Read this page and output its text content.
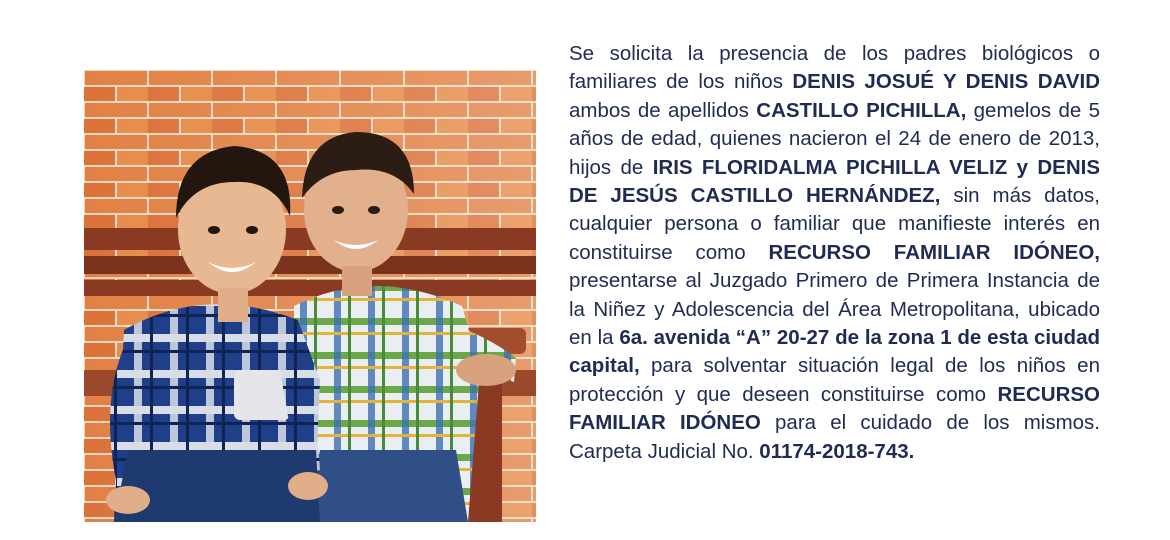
Se solicita la presencia de los padres biológicos o familiares de los niños DENIS JOSUÉ Y DENIS DAVID ambos de apellidos CASTILLO PICHILLA, gemelos de 5 años de edad, quienes nacieron el 24 de enero de 2013, hijos de IRIS FLORIDALMA PICHILLA VELIZ y DENIS DE JESÚS CASTILLO HERNÁNDEZ, sin más datos, cualquier persona o familiar que manifieste interés en constituirse como RECURSO FAMILIAR IDÓNEO, presentarse al Juzgado Primero de Primera Instancia de la Niñez y Adolescencia del Área Metropolitana, ubicado en la 6a. avenida “A” 20-27 de la zona 1 de esta ciudad capital, para solventar situación legal de los niños en protección y que deseen constituirse como RECURSO FAMILIAR IDÓNEO para el cuidado de los mismos. Carpeta Judicial No. 01174-2018-743.
